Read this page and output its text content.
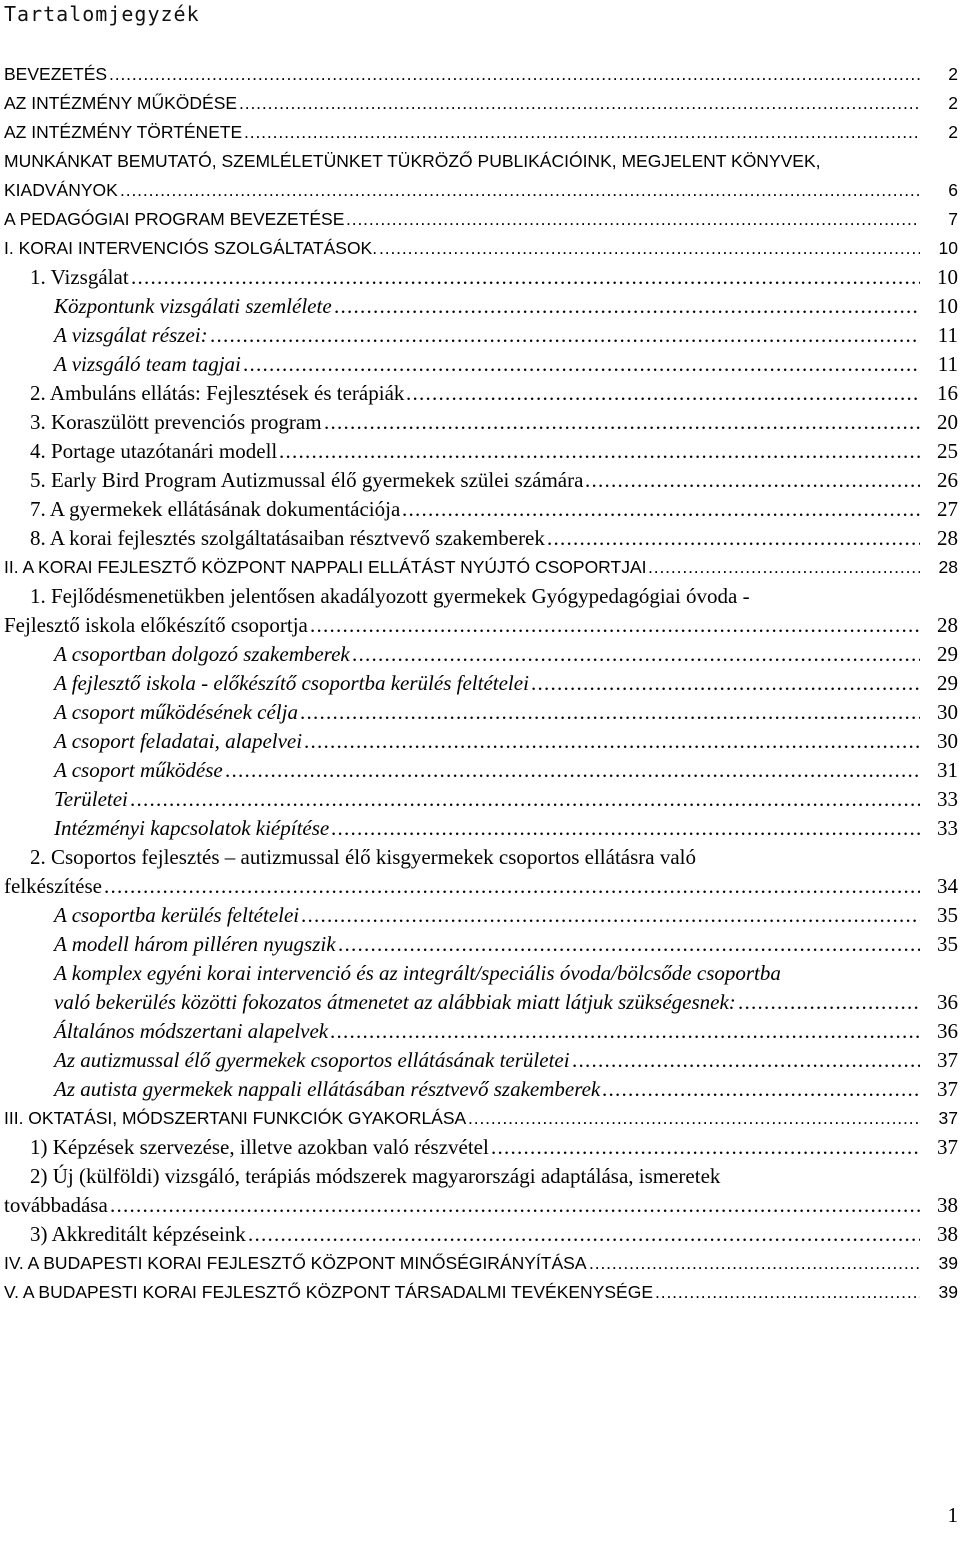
Tartalomjegyzék
. . .
BEVEZETÉS	2
. . .
AZ INTÉZMÉNY MŰKÖDÉSE	2
. . .
AZ INTÉZMÉNY TÖRTÉNETE	2
MUNKÁNKAT BEMUTATÓ, SZEMLÉLETÜNKET TÜKRÖZŐ PUBLIKÁCIÓINK, MEGJELENT KÖNYVEK,
. . .
KIADVÁNYOK	6
. . .
A PEDAGÓGIAI PROGRAM BEVEZETÉSE	7
. . .
I. KORAI INTERVENCIÓS SZOLGÁLTATÁSOK.	10
. . .
1. Vizsgálat	10
. . .
Központunk vizsgálati szemlélete	10
. . .
A vizsgálat részei:	11
. . .
A vizsgáló team tagjai	11
. . .
2. Ambuláns ellátás: Fejlesztések és terápiák	16
. . .
3. Koraszülött prevenciós program	20
. . .
4. Portage utazótanári modell	25
. . .
5. Early Bird Program Autizmussal élő gyermekek szülei számára	26
. . .
7. A gyermekek ellátásának dokumentációja	27
. . .
8. A korai fejlesztés szolgáltatásaiban résztvevő szakemberek	28
. . .
II. A KORAI FEJLESZTŐ KÖZPONT NAPPALI ELLÁTÁST NYÚJTÓ CSOPORTJAI	28
1. Fejlődésmenetükben jelentősen akadályozott gyermekek Gyógypedagógiai óvoda -
. . .
Fejlesztő iskola előkészítő csoportja	28
. . .
A csoportban dolgozó szakemberek	29
. . .
A fejlesztő iskola - előkészítő csoportba kerülés feltételei	29
. . .
A csoport működésének célja	30
. . .
A csoport feladatai, alapelvei	30
. . .
A csoport működése	31
. . .
Területei	33
. . .
Intézményi kapcsolatok kiépítése	33
2. Csoportos fejlesztés – autizmussal élő kisgyermekek csoportos ellátásra való
. . .
felkészítése	34
. . .
A csoportba kerülés feltételei	35
. . .
A modell három pilléren nyugszik	35
A komplex egyéni korai intervenció és az integrált/speciális óvoda/bölcsőde csoportba
. . .
való bekerülés közötti fokozatos átmenetet az alábbiak miatt látjuk szükségesnek:	36
. . .
Általános módszertani alapelvek	36
. . .
Az autizmussal élő gyermekek csoportos ellátásának területei	37
. . .
Az autista gyermekek nappali ellátásában résztvevő szakemberek	37
. . .
III. OKTATÁSI, MÓDSZERTANI FUNKCIÓK GYAKORLÁSA	37
. . .
1) Képzések szervezése, illetve azokban való részvétel	37
2) Új (külföldi) vizsgáló, terápiás módszerek magyarországi adaptálása, ismeretek
. . .
továbbadása	38
. . .
3) Akkreditált képzéseink	38
. . .
IV. A BUDAPESTI KORAI FEJLESZTŐ KÖZPONT MINŐSÉGIRÁNYÍTÁSA	39
. . .
V. A BUDAPESTI KORAI FEJLESZTŐ KÖZPONT TÁRSADALMI TEVÉKENYSÉGE	39
1
